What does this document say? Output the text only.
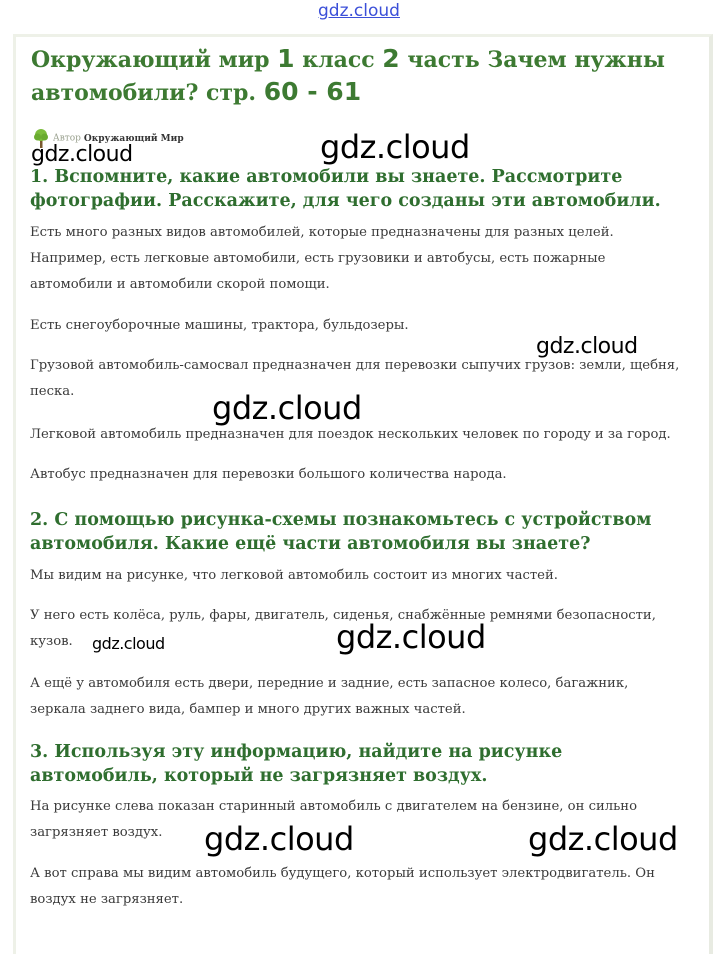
gdz.cloud
Окружающий мир 1 класс 2 часть Зачем нужны автомобили? стр. 60 - 61
Автор Окружающий Мир
1. Вспомните, какие автомобили вы знаете. Рассмотрите фотографии. Расскажите, для чего созданы эти автомобили.

Есть много разных видов автомобилей, которые предназначены для разных целей. Например, есть легковые автомобили, есть грузовики и автобусы, есть пожарные автомобили и автомобили скорой помощи.

Есть снегоуборочные машины, трактора, бульдозеры.

Грузовой автомобиль-самосвал предназначен для перевозки сыпучих грузов: земли, щебня, песка.

Легковой автомобиль предназначен для поездок нескольких человек по городу и за город.

Автобус предназначен для перевозки большого количества народа.

2. С помощью рисунка-схемы познакомьтесь с устройством автомобиля. Какие ещё части автомобиля вы знаете?

Мы видим на рисунке, что легковой автомобиль состоит из многих частей.

У него есть колёса, руль, фары, двигатель, сиденья, снабжённые ремнями безопасности, кузов.

А ещё у автомобиля есть двери, передние и задние, есть запасное колесо, багажник, зеркала заднего вида, бампер и много других важных частей.

3. Используя эту информацию, найдите на рисунке автомобиль, который не загрязняет воздух.

На рисунке слева показан старинный автомобиль с двигателем на бензине, он сильно загрязняет воздух.

А вот справа мы видим автомобиль будущего, который использует электродвигатель. Он воздух не загрязняет.

gdz.cloud	gdz.cloud
gdz.cloud
gdz.cloud
gdz.cloud
gdz.cloud
gdz.cloud	gdz.cloud
